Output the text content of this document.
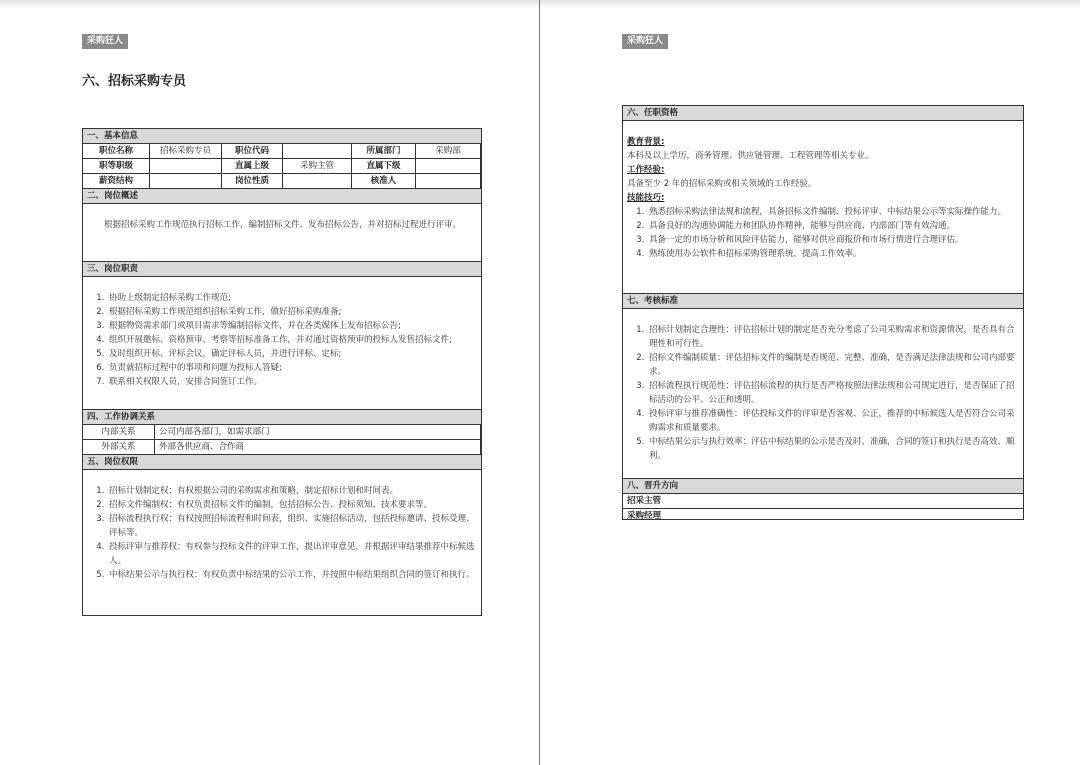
采购狂人
六、招标采购专员
一、基本信息
职位名称	招标采购专员	职位代码		所属部门	采购部
职等职级		直属上级	采购主管	直属下级	
薪资结构		岗位性质		核准人	
二、岗位概述
根据招标采购工作规范执行招标工作，编制招标文件、发布招标公告，并对招标过程进行评审。
三、岗位职责
1. 协助上级制定招标采购工作规范;
2. 根据招标采购工作规范组织招标采购工作，做好招标采购准备;
3. 根据物资需求部门或项目需求等编制招标文件，并在各类媒体上发布招标公告;
4. 组织开展邀标、资格预审、考察等招标准备工作，并对通过资格预审的投标人发售招标文件;
5. 及时组织开标、评标会议，确定评标人员，并进行评标、定标;
6. 负责就招标过程中的事项和问题为投标人答疑;
7. 联系相关权限人员，安排合同签订工作。
四、工作协调关系
内部关系	公司内部各部门，如需求部门
外部关系	外部各供应商、合作商
五、岗位权限
1. 招标计划制定权：有权根据公司的采购需求和策略，制定招标计划和时间表。
2. 招标文件编制权：有权负责招标文件的编制，包括招标公告、投标须知、技术要求等。
3. 招标流程执行权：有权按照招标流程和时间表，组织、实施招标活动，包括投标邀请、投标受理、评标等。
4. 投标评审与推荐权：有权参与投标文件的评审工作，提出评审意见，并根据评审结果推荐中标候选人。
5. 中标结果公示与执行权：有权负责中标结果的公示工作，并按照中标结果组织合同的签订和执行。
采购狂人
六、任职资格
教育背景:
本科及以上学历，商务管理、供应链管理、工程管理等相关专业。
工作经验:
具备至少 2 年的招标采购或相关领域的工作经验。
技能技巧:
1. 熟悉招标采购法律法规和流程，具备招标文件编制、投标评审、中标结果公示等实际操作能力。
2. 具备良好的沟通协调能力和团队协作精神，能够与供应商、内部部门等有效沟通。
3. 具备一定的市场分析和风险评估能力，能够对供应商报价和市场行情进行合理评估。
4. 熟练使用办公软件和招标采购管理系统，提高工作效率。
七、考核标准
1. 招标计划制定合理性：评估招标计划的制定是否充分考虑了公司采购需求和资源情况，是否具有合理性和可行性。
2. 招标文件编制质量：评估招标文件的编制是否规范、完整、准确，是否满足法律法规和公司内部要求。
3. 招标流程执行规范性：评估招标流程的执行是否严格按照法律法规和公司规定进行，是否保证了招标活动的公平、公正和透明。
4. 投标评审与推荐准确性：评估投标文件的评审是否客观、公正，推荐的中标候选人是否符合公司采购需求和质量要求。
5. 中标结果公示与执行效率：评估中标结果的公示是否及时、准确，合同的签订和执行是否高效、顺利。
八、晋升方向
招采主管
采购经理
